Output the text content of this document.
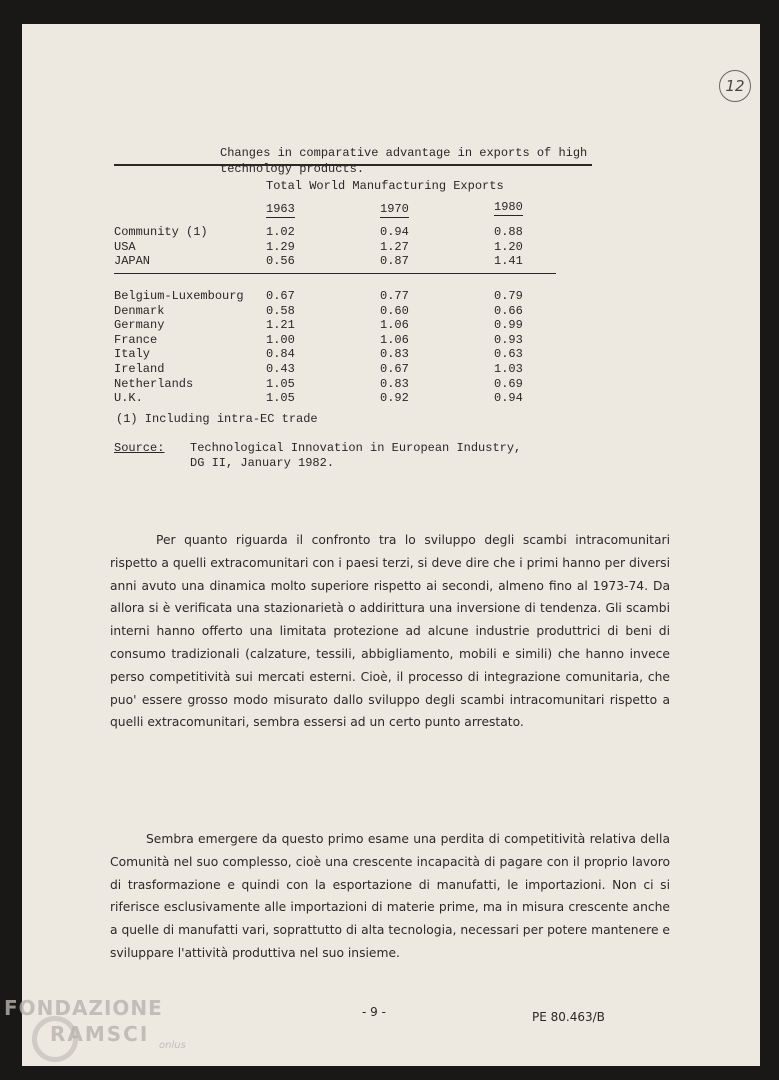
12
Changes in comparative advantage in exports of high
technology products.
Total World Manufacturing Exports
1963	1970	1980
Community (1)	1.02	0.94	0.88
USA	1.29	1.27	1.20
JAPAN	0.56	0.87	1.41
Belgium-Luxembourg 0.67	0.77	0.79
Denmark	0.58	0.60	0.66
Germany	1.21	1.06	0.99
France	1.00	1.06	0.93
Italy	0.84	0.83	0.63
Ireland	0.43	0.67	1.03
Netherlands	1.05	0.83	0.69
U.K.	1.05	0.92	0.94
(1) Including intra-EC trade
Source: Technological Innovation in European Industry,
DG II, January 1982.
Per quanto riguarda il confronto tra lo sviluppo degli scambi intracomunitari rispetto a quelli extracomunitari con i paesi terzi, si deve dire che i primi hanno per diversi anni avuto una dinamica molto superiore rispetto ai secondi, almeno fino al 1973-74. Da allora si è verificata una stazionarietà o addirittura una inversione di tendenza. Gli scambi interni hanno offerto una limitata protezione ad alcune industrie produttrici di beni di consumo tradizionali (calzature, tessili, abbigliamento, mobili e simili) che hanno invece perso competitività sui mercati esterni. Cioè, il processo di integrazione comunitaria, che puo' essere grosso modo misurato dallo sviluppo degli scambi intracomunitari rispetto a quelli extracomunitari, sembra essersi ad un certo punto arrestato.
Sembra emergere da questo primo esame una perdita di competitività relativa della Comunità nel suo complesso, cioè una crescente incapacità di pagare con il proprio lavoro di trasformazione e quindi con la esportazione di manufatti, le importazioni. Non ci si riferisce esclusivamente alle importazioni di materie prime, ma in misura crescente anche a quelle di manufatti vari, soprattutto di alta tecnologia, necessari per potere mantenere e sviluppare l'attività produttiva nel suo insieme.
- 9 -	PE 80.463/B
FONDAZIONE
RAMSCI onlus
